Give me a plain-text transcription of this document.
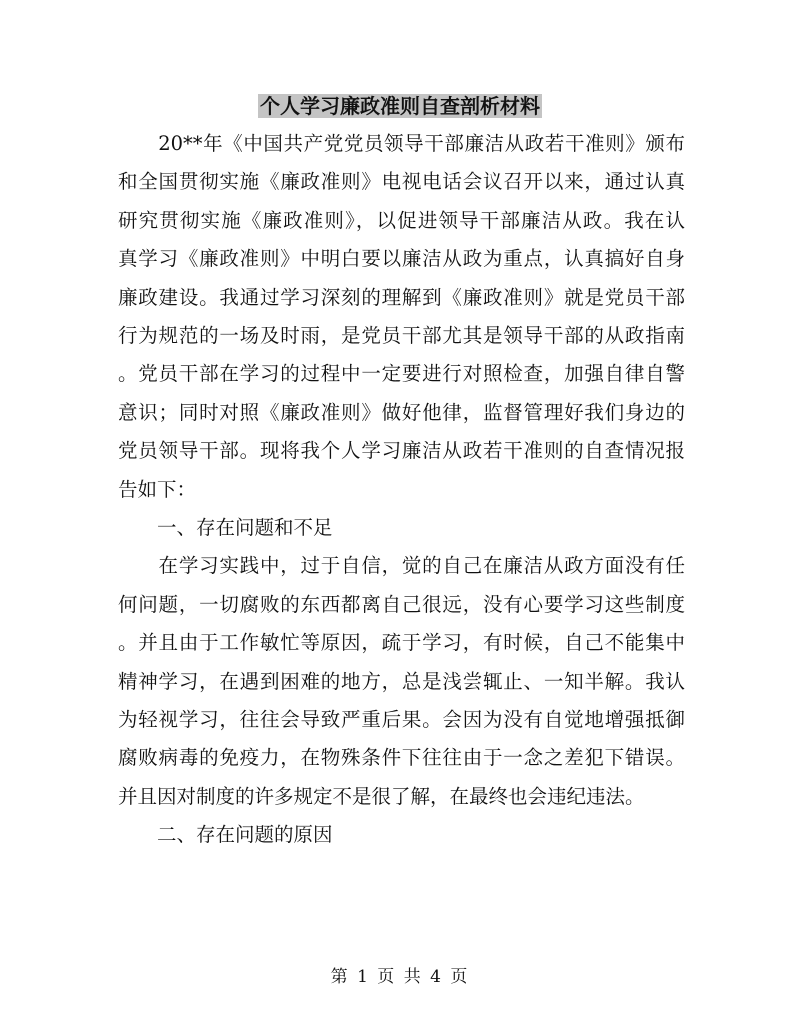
个人学习廉政准则自查剖析材料
　　20**年《中国共产党党员领导干部廉洁从政若干准则》颁布
和全国贯彻实施《廉政准则》电视电话会议召开以来，通过认真
研究贯彻实施《廉政准则》，以促进领导干部廉洁从政。我在认
真学习《廉政准则》中明白要以廉洁从政为重点，认真搞好自身
廉政建设。我通过学习深刻的理解到《廉政准则》就是党员干部
行为规范的一场及时雨，是党员干部尤其是领导干部的从政指南
。党员干部在学习的过程中一定要进行对照检查，加强自律自警
意识；同时对照《廉政准则》做好他律，监督管理好我们身边的
党员领导干部。现将我个人学习廉洁从政若干准则的自查情况报
告如下：
　　一、存在问题和不足
　　在学习实践中，过于自信，觉的自己在廉洁从政方面没有任
何问题，一切腐败的东西都离自己很远，没有心要学习这些制度
。并且由于工作敏忙等原因，疏于学习，有时候，自己不能集中
精神学习，在遇到困难的地方，总是浅尝辄止、一知半解。我认
为轻视学习，往往会导致严重后果。会因为没有自觉地增强抵御
腐败病毒的免疫力，在物殊条件下往往由于一念之差犯下错误。
并且因对制度的许多规定不是很了解，在最终也会违纪违法。
　　二、存在问题的原因
第 1 页 共 4 页
